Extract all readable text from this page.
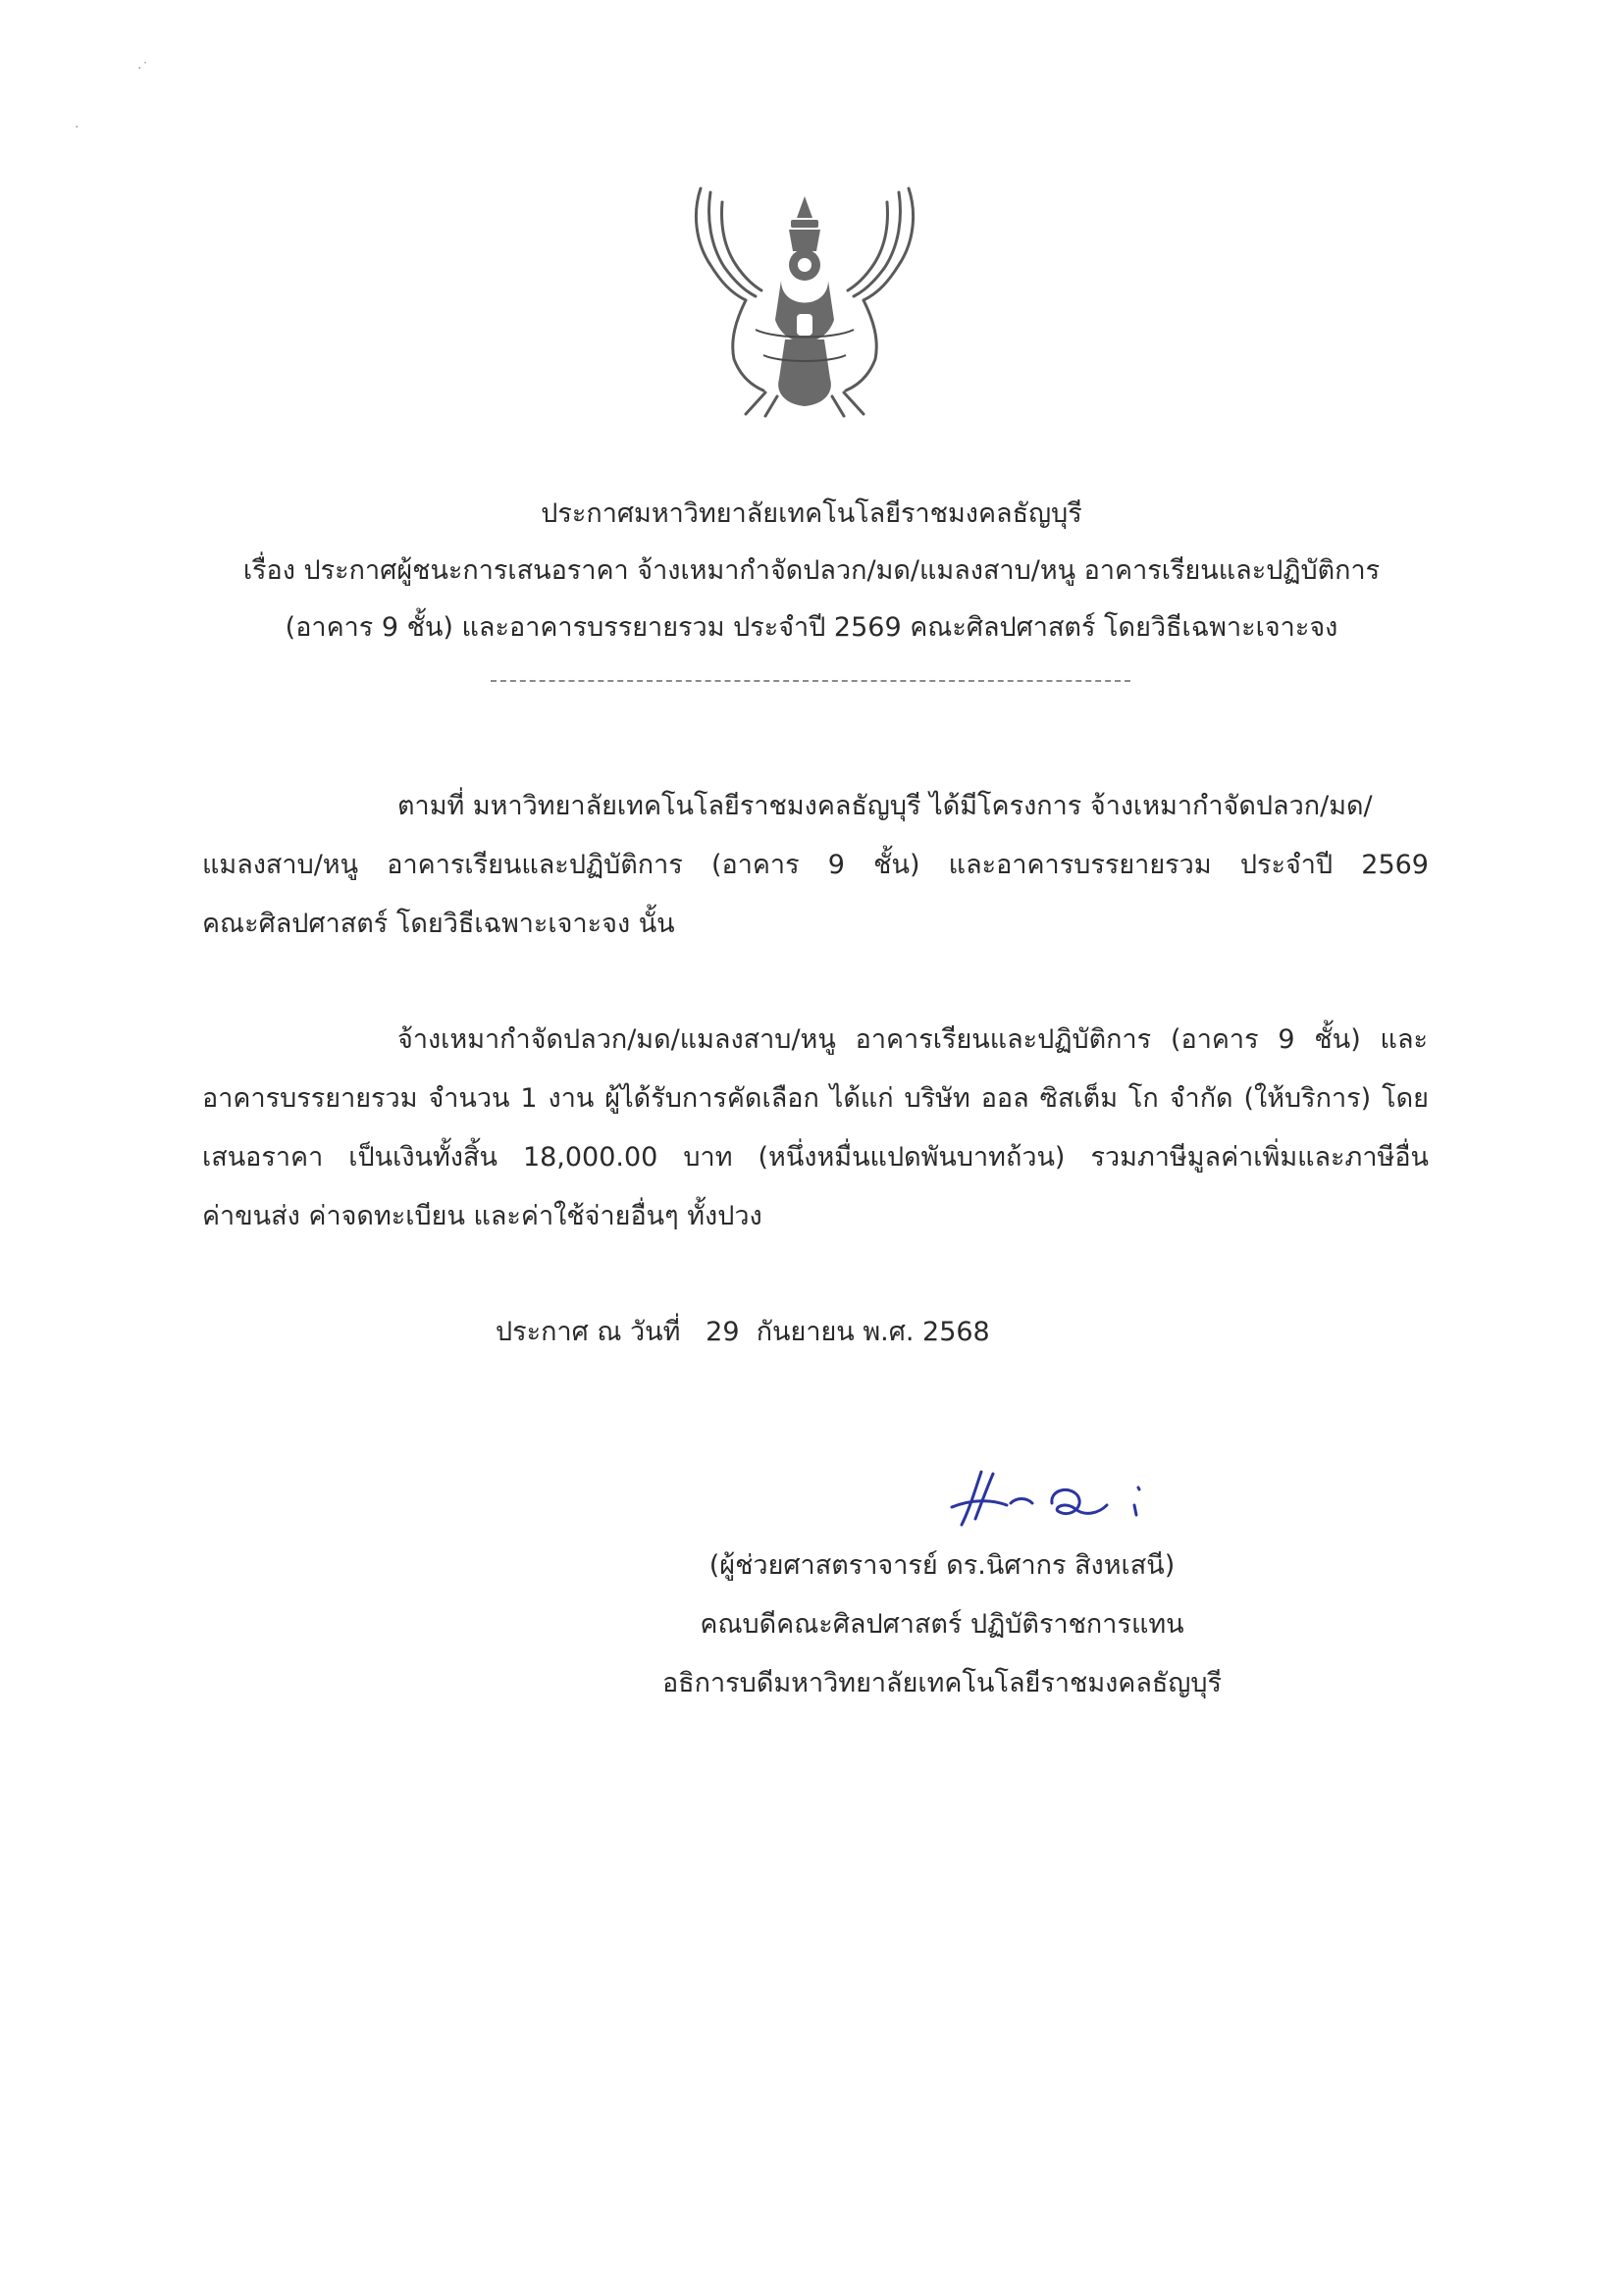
·˙
·
ประกาศมหาวิทยาลัยเทคโนโลยีราชมงคลธัญบุรี
เรื่อง ประกาศผู้ชนะการเสนอราคา จ้างเหมากำจัดปลวก/มด/แมลงสาบ/หนู อาคารเรียนและปฏิบัติการ
(อาคาร 9 ชั้น) และอาคารบรรยายรวม ประจำปี 2569 คณะศิลปศาสตร์ โดยวิธีเฉพาะเจาะจง
ตามที่ มหาวิทยาลัยเทคโนโลยีราชมงคลธัญบุรี ได้มีโครงการ จ้างเหมากำจัดปลวก/มด/
แมลงสาบ/หนู อาคารเรียนและปฏิบัติการ (อาคาร 9 ชั้น) และอาคารบรรยายรวม ประจำปี 2569
คณะศิลปศาสตร์ โดยวิธีเฉพาะเจาะจง นั้น
จ้างเหมากำจัดปลวก/มด/แมลงสาบ/หนู อาคารเรียนและปฏิบัติการ (อาคาร 9 ชั้น) และ
อาคารบรรยายรวม จำนวน 1 งาน ผู้ได้รับการคัดเลือก ได้แก่ บริษัท ออล ซิสเต็ม โก จำกัด (ให้บริการ) โดย
เสนอราคา เป็นเงินทั้งสิ้น 18,000.00 บาท (หนึ่งหมื่นแปดพันบาทถ้วน) รวมภาษีมูลค่าเพิ่มและภาษีอื่น
ค่าขนส่ง ค่าจดทะเบียน และค่าใช้จ่ายอื่นๆ ทั้งปวง
ประกาศ ณ วันที่   29  กันยายน พ.ศ. 2568
(ผู้ช่วยศาสตราจารย์ ดร.นิศากร สิงหเสนี)
คณบดีคณะศิลปศาสตร์ ปฏิบัติราชการแทน
อธิการบดีมหาวิทยาลัยเทคโนโลยีราชมงคลธัญบุรี
